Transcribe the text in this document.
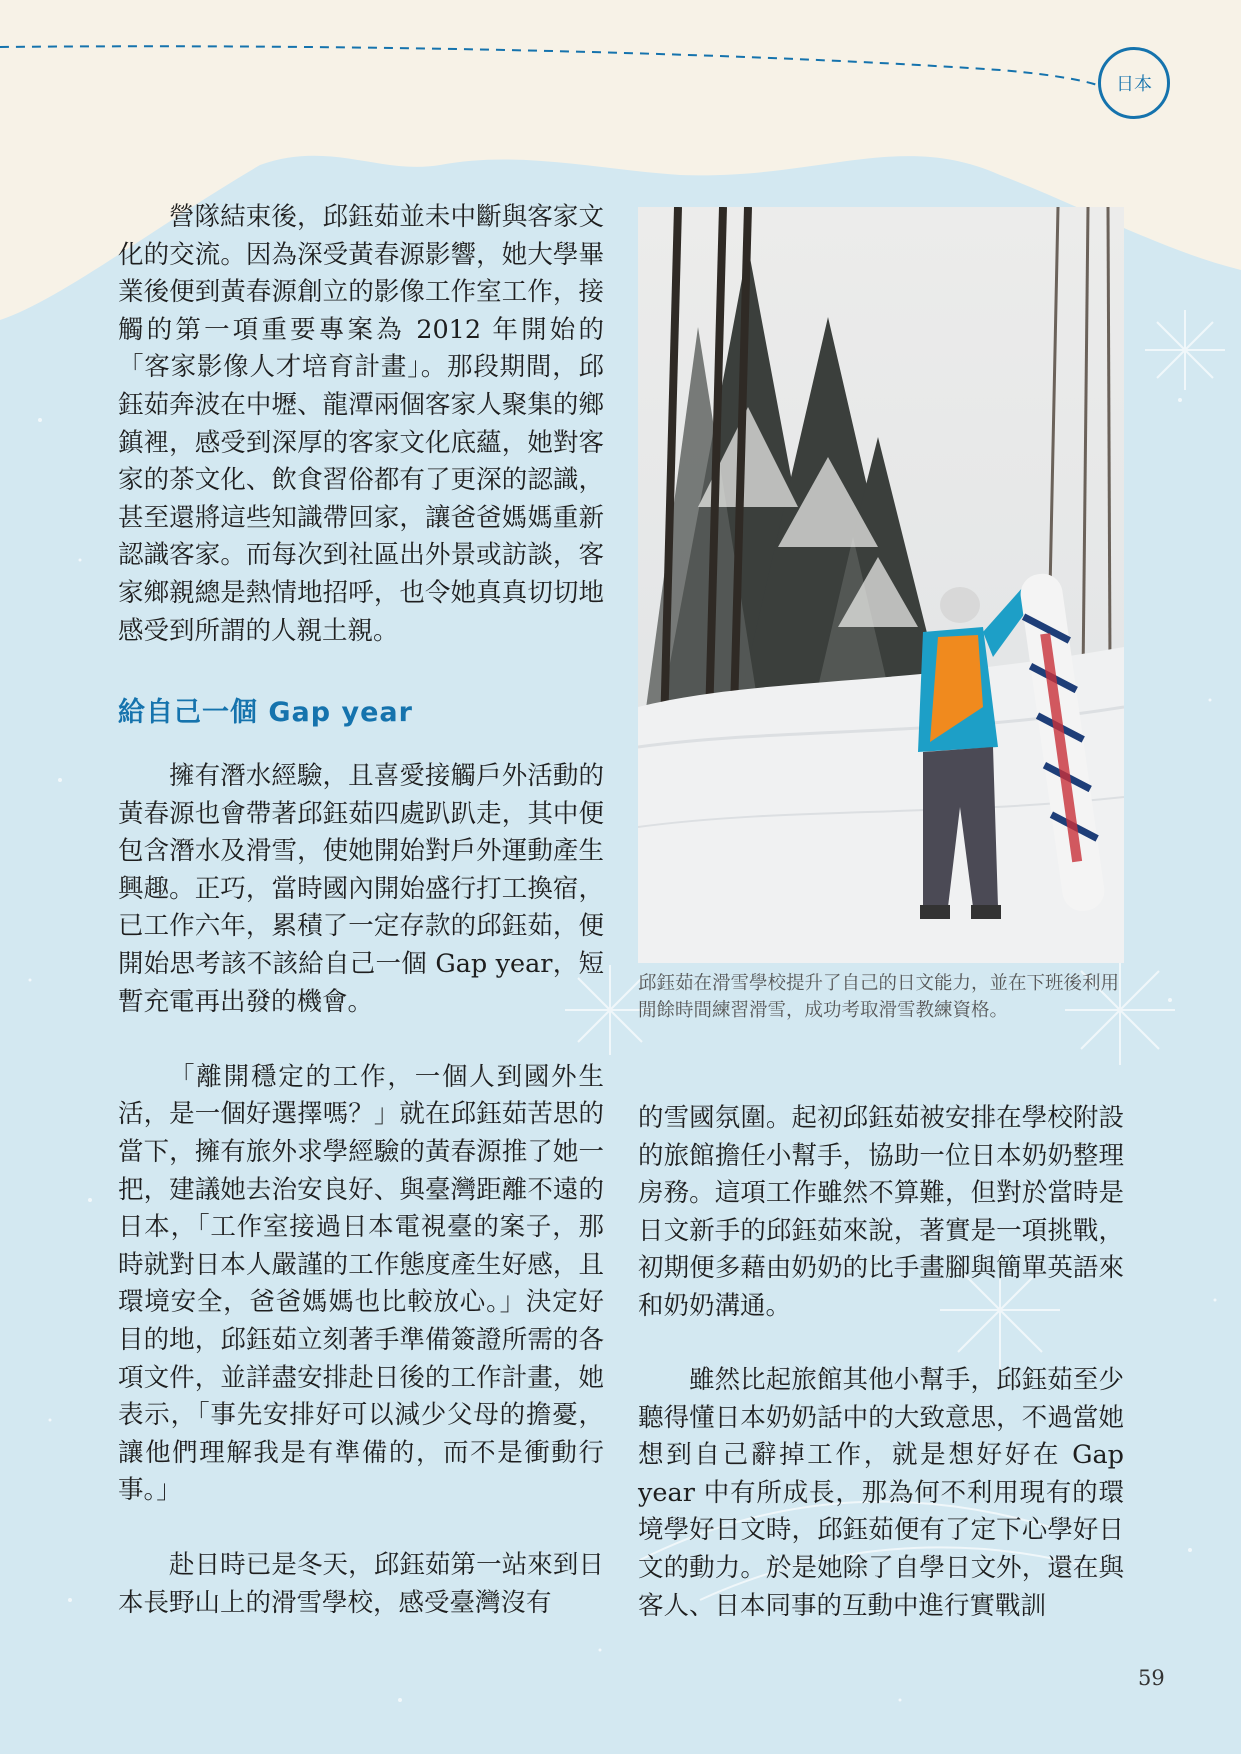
日本

營隊結束後，邱鈺茹並未中斷與客家文化的交流。因為深受黃春源影響，她大學畢業後便到黃春源創立的影像工作室工作，接觸的第一項重要專案為 2012 年開始的「客家影像人才培育計畫」。那段期間，邱鈺茹奔波在中壢、龍潭兩個客家人聚集的鄉鎮裡，感受到深厚的客家文化底蘊，她對客家的茶文化、飲食習俗都有了更深的認識，甚至還將這些知識帶回家，讓爸爸媽媽重新認識客家。而每次到社區出外景或訪談，客家鄉親總是熱情地招呼，也令她真真切切地感受到所謂的人親土親。

給自己一個 Gap year

擁有潛水經驗，且喜愛接觸戶外活動的黃春源也會帶著邱鈺茹四處趴趴走，其中便包含潛水及滑雪，使她開始對戶外運動產生興趣。正巧，當時國內開始盛行打工換宿，已工作六年，累積了一定存款的邱鈺茹，便開始思考該不該給自己一個 Gap year，短暫充電再出發的機會。

「離開穩定的工作，一個人到國外生活，是一個好選擇嗎？」就在邱鈺茹苦思的當下，擁有旅外求學經驗的黃春源推了她一把，建議她去治安良好、與臺灣距離不遠的日本，「工作室接過日本電視臺的案子，那時就對日本人嚴謹的工作態度產生好感，且環境安全，爸爸媽媽也比較放心。」決定好目的地，邱鈺茹立刻著手準備簽證所需的各項文件，並詳盡安排赴日後的工作計畫，她表示，「事先安排好可以減少父母的擔憂，讓他們理解我是有準備的，而不是衝動行事。」

赴日時已是冬天，邱鈺茹第一站來到日本長野山上的滑雪學校，感受臺灣沒有

邱鈺茹在滑雪學校提升了自己的日文能力，並在下班後利用閒餘時間練習滑雪，成功考取滑雪教練資格。

的雪國氛圍。起初邱鈺茹被安排在學校附設的旅館擔任小幫手，協助一位日本奶奶整理房務。這項工作雖然不算難，但對於當時是日文新手的邱鈺茹來說，著實是一項挑戰，初期便多藉由奶奶的比手畫腳與簡單英語來和奶奶溝通。

雖然比起旅館其他小幫手，邱鈺茹至少聽得懂日本奶奶話中的大致意思，不過當她想到自己辭掉工作，就是想好好在 Gap year 中有所成長，那為何不利用現有的環境學好日文時，邱鈺茹便有了定下心學好日文的動力。於是她除了自學日文外，還在與客人、日本同事的互動中進行實戰訓

59
